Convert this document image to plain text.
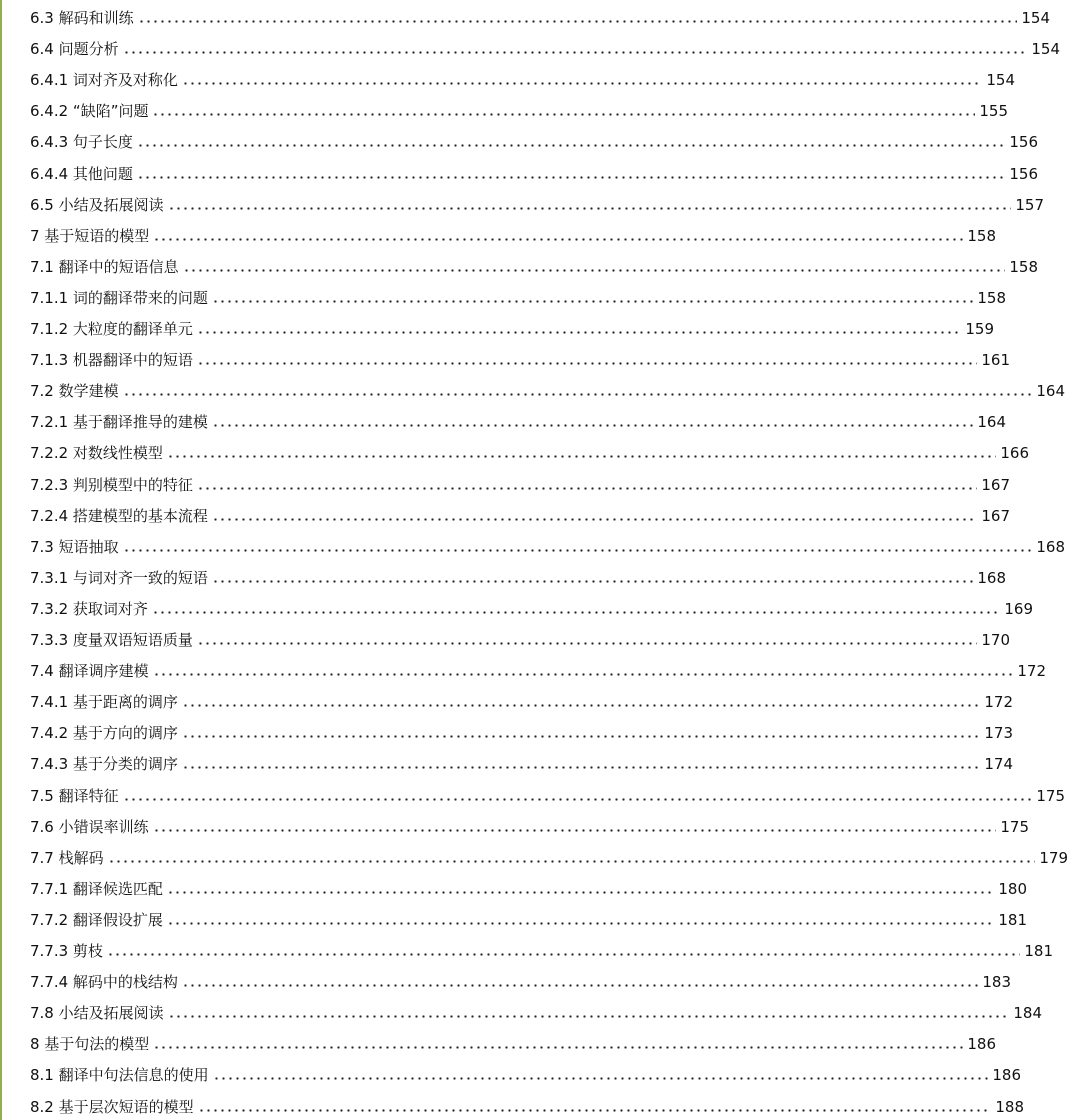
6.3 解码和训练	154
6.4 问题分析	154
6.4.1 词对齐及对称化	154
6.4.2 “缺陷”问题	155
6.4.3 句子长度	156
6.4.4 其他问题	156
6.5 小结及拓展阅读	157
7 基于短语的模型	158
7.1 翻译中的短语信息	158
7.1.1 词的翻译带来的问题	158
7.1.2 大粒度的翻译单元	159
7.1.3 机器翻译中的短语	161
7.2 数学建模	164
7.2.1 基于翻译推导的建模	164
7.2.2 对数线性模型	166
7.2.3 判别模型中的特征	167
7.2.4 搭建模型的基本流程	167
7.3 短语抽取	168
7.3.1 与词对齐一致的短语	168
7.3.2 获取词对齐	169
7.3.3 度量双语短语质量	170
7.4 翻译调序建模	172
7.4.1 基于距离的调序	172
7.4.2 基于方向的调序	173
7.4.3 基于分类的调序	174
7.5 翻译特征	175
7.6 小错误率训练	175
7.7 栈解码	179
7.7.1 翻译候选匹配	180
7.7.2 翻译假设扩展	181
7.7.3 剪枝	181
7.7.4 解码中的栈结构	183
7.8 小结及拓展阅读	184
8 基于句法的模型	186
8.1 翻译中句法信息的使用	186
8.2 基于层次短语的模型	188
